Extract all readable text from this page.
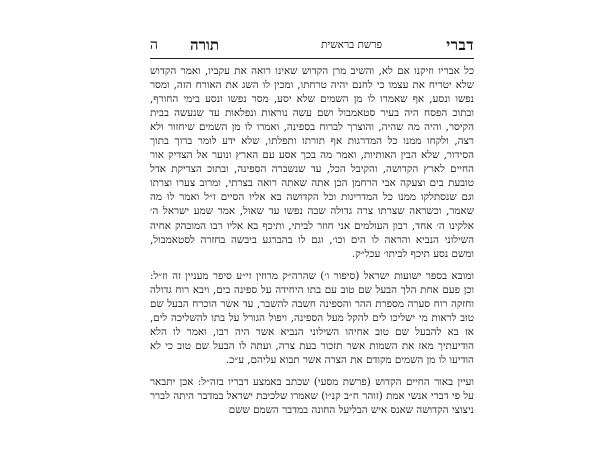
דברי
פרשת בראשית
תורה
ה

כל אבריו וזיקנו אם לא, והשיב מרן הקדוש שאינו רואה את עקביו, ואמר הקדוש שלא יטריח את עצמו כי לחנם יהיה טרחתו, ומכין לו השג את האורח הזה, ומסר נפשו ונסע, אף שאמרו לו מן השמים שלא יסע, מסר נפשו ונסע בימי החורף, ובתוכ הפסח היה בעיר סטאמבול ושם עשה נוראות ונפלאות עד שנעשה בבית הקיסר, והיה מה שהיה, והוצרך לברוח בספינה, ואמרו לו מן השמים שיחזור ולא רצה, ולקחו ממנו כל המדרגות אף תורתו ותפלתו, שלא ידע לומר ברוך בתוך הסידור, שלא הבין האותיות, ואמר מה בכך אסע עם הארץ ונוער אל הצדיק אור החיים לארץ הקדושה, והקיבל הכל, עד שנשברה הספינה, ובתוכ הצדיקת אדל טובעת בים וצעקה אבי הרחמן הכן אתה שאתה רואה בצרתי, ומרוב צערו וצרתו וגם שנסתלקו ממנו כל המדריגות וכל הקדושה בא אליו הסיים ז״ל ואמר לו מה שאמר, וכשראה שצרתו צרה גדולה שבה נפשו עד שאול, אמר שמע ישראל ה׳ אלקינו ה׳ אחד, רבון העולמים אני חוזר לביתי, ותיכף בא אליו רבו המובהק אחיה השילוני הנביא והראה לו הים וכו׳, וגם לו בהברגע ביבשה בחזרה לסטאמבול, ומשם נסע תיכף לביתו׳ עכל״ק.

ומובא בספר ישועות ישראל (סיפור ו׳) שהרה״ק מרוזין זי״ע סיפר מעניין זה וז״ל: וכן פעם אחת הלך הבעל שם טוב עם בתו היחידה על ספינה בים, ויבא רוח גדולה וחזקה רוח סערה מספרת ההר והספינה חשבה להשבר, עד אשר הוכרח הבעל שם טוב לראות מי ישליכו לים להקל מעל הספינה, ויפול הגורל על בתו להשליכה לים, אז בא להבעל שם טוב אחיהו השילוני הנביא אשר היה רבו, ואמר לו הלא הודיעתיך מאז את השמות אשר תזכור בעת צרה, ועתה לו הבעל שם טוב כי לא הודיעו לו מן השמים מקודם את הצרה אשר תבוא עליהם, ע״כ.

ועיין באור החיים הקדוש (פרשת מסעי) שכתב באמצע דבריו בזה״ל: אכן יתבאר על פי דברי אנשי אמת (זוהר ח״ב קנ״ו) שאמרו שלכיבת ישראל במדבר היתה לברר ניצוצי הקדושה שאנס איש הבליעל החונה במדבר השמם ששם
